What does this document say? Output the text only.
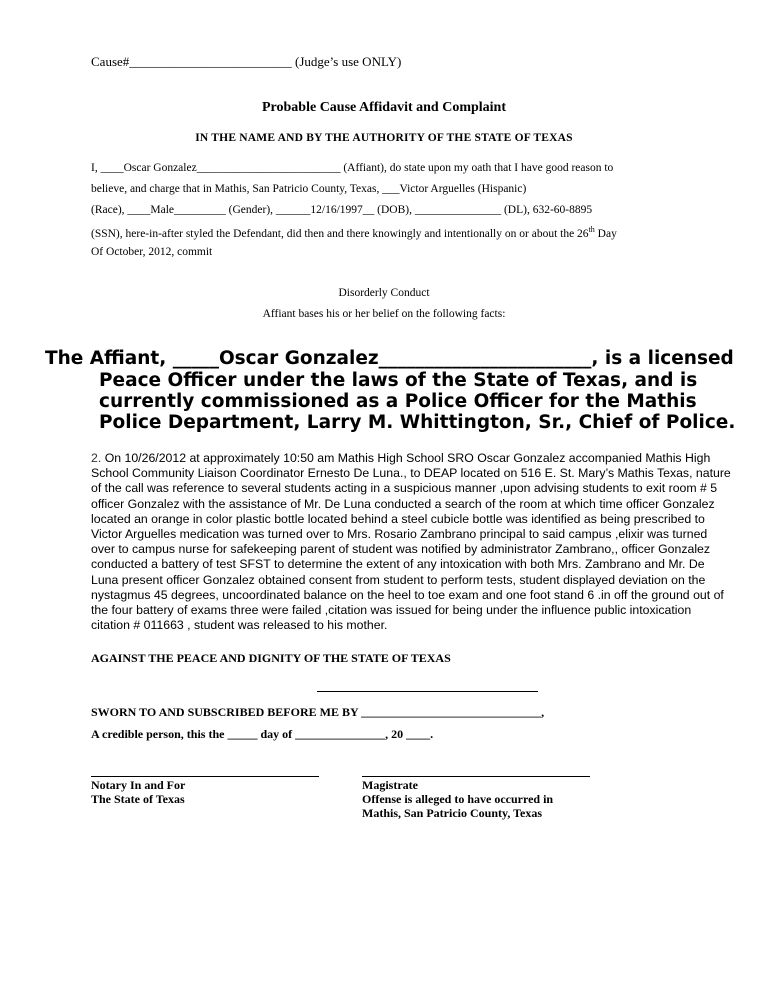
Cause#_________________________ (Judge’s use ONLY)
Probable Cause Affidavit and Complaint
IN THE NAME AND BY THE AUTHORITY OF THE STATE OF TEXAS
I, ____Oscar Gonzalez_________________________ (Affiant), do state upon my oath that I have good reason to
believe, and charge that in Mathis, San Patricio County, Texas, ___Victor Arguelles (Hispanic)
(Race), ____Male_________ (Gender), ______12/16/1997__ (DOB), _______________ (DL), 632-60-8895
(SSN), here-in-after styled the Defendant, did then and there knowingly and intentionally on or about the 26th Day
Of October, 2012, commit
Disorderly Conduct
Affiant bases his or her belief on the following facts:
The Affiant, _____Oscar Gonzalez_______________________, is a licensed
Peace Officer under the laws of the State of Texas, and is
currently commissioned as a Police Officer for the Mathis
Police Department, Larry M. Whittington, Sr., Chief of Police.
2. On 10/26/2012 at approximately 10:50 am Mathis High School SRO Oscar Gonzalez accompanied Mathis High School Community Liaison Coordinator Ernesto De Luna., to DEAP located on 516 E. St. Mary’s Mathis Texas, nature of the call was reference to several students acting in a suspicious manner ,upon advising students to exit room # 5 officer Gonzalez with the assistance of Mr. De Luna conducted a search of the room at which time officer Gonzalez located an orange in color plastic bottle located behind a steel cubicle bottle was identified as being prescribed to Victor Arguelles medication was turned over to Mrs. Rosario Zambrano principal to said campus ,elixir was turned over to campus nurse for safekeeping parent of student was notified by administrator Zambrano,, officer Gonzalez conducted a battery of test SFST to determine the extent of any intoxication with both Mrs. Zambrano and Mr. De Luna present officer Gonzalez obtained consent from student to perform tests, student displayed deviation on the nystagmus 45 degrees, uncoordinated balance on the heel to toe exam and one foot stand 6 .in off the ground out of the four battery of exams three were failed ,citation was issued for being under the influence public intoxication citation # 011663 , student was released to his mother.
AGAINST THE PEACE AND DIGNITY OF THE STATE OF TEXAS
SWORN TO AND SUBSCRIBED BEFORE ME BY ______________________________,
A credible person, this the _____ day of _______________, 20 ____.
Notary In and For
The State of Texas
Magistrate
Offense is alleged to have occurred in
Mathis, San Patricio County, Texas
